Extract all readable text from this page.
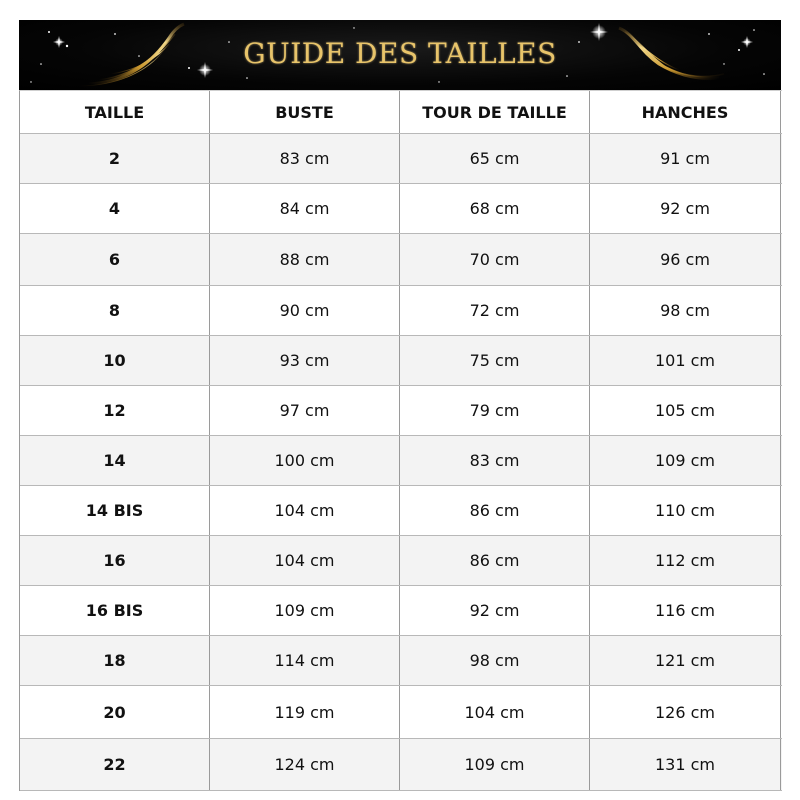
GUIDE DES TAILLES
TAILLE	BUSTE	TOUR DE TAILLE	HANCHES
2	83 cm	65 cm	91 cm
4	84 cm	68 cm	92 cm
6	88 cm	70 cm	96 cm
8	90 cm	72 cm	98 cm
10	93 cm	75 cm	101 cm
12	97 cm	79 cm	105 cm
14	100 cm	83 cm	109 cm
14 BIS	104 cm	86 cm	110 cm
16	104 cm	86 cm	112 cm
16 BIS	109 cm	92 cm	116 cm
18	114 cm	98 cm	121 cm
20	119 cm	104 cm	126 cm
22	124 cm	109 cm	131 cm
